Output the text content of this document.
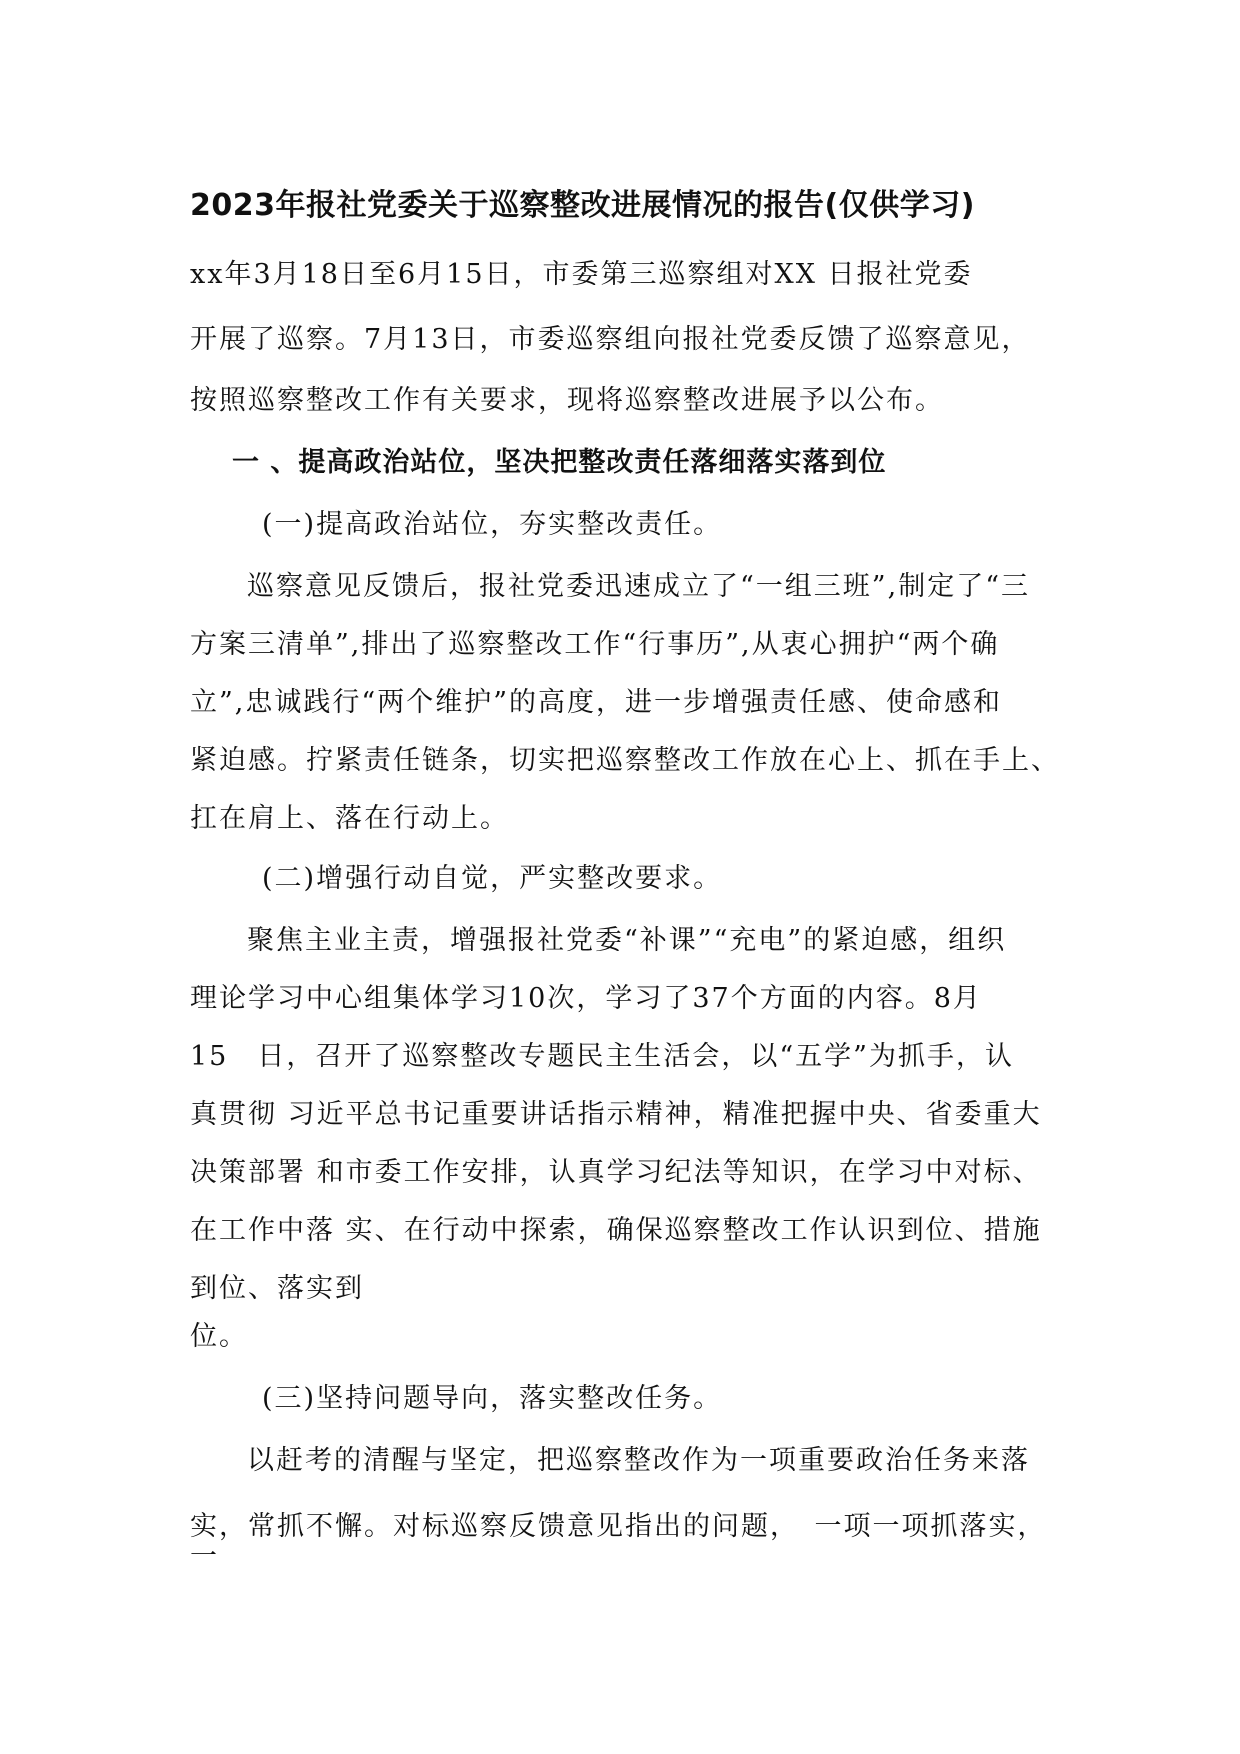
2023年报社党委关于巡察整改进展情况的报告(仅供学习)
xx年3月18日至6月15日，市委第三巡察组对XX 日报社党委
开展了巡察。7月13日，市委巡察组向报社党委反馈了巡察意见，
按照巡察整改工作有关要求，现将巡察整改进展予以公布。
一 、提高政治站位，坚决把整改责任落细落实落到位
(一)提高政治站位，夯实整改责任。
巡察意见反馈后，报社党委迅速成立了“一组三班”,制定了“三
方案三清单”,排出了巡察整改工作“行事历”,从衷心拥护“两个确
立”,忠诚践行“两个维护”的高度，进一步增强责任感、使命感和
紧迫感。拧紧责任链条，切实把巡察整改工作放在心上、抓在手上、
扛在肩上、落在行动上。
(二)增强行动自觉，严实整改要求。
聚焦主业主责，增强报社党委“补课”“充电”的紧迫感，组织
理论学习中心组集体学习10次，学习了37个方面的内容。8月
15　日，召开了巡察整改专题民主生活会，以“五学”为抓手，认
真贯彻 习近平总书记重要讲话指示精神，精准把握中央、省委重大
决策部署 和市委工作安排，认真学习纪法等知识，在学习中对标、
在工作中落 实、在行动中探索，确保巡察整改工作认识到位、措施
到位、落实到
位。
(三)坚持问题导向，落实整改任务。
以赶考的清醒与坚定，把巡察整改作为一项重要政治任务来落
实，常抓不懈。对标巡察反馈意见指出的问题，　一项一项抓落实，
一
